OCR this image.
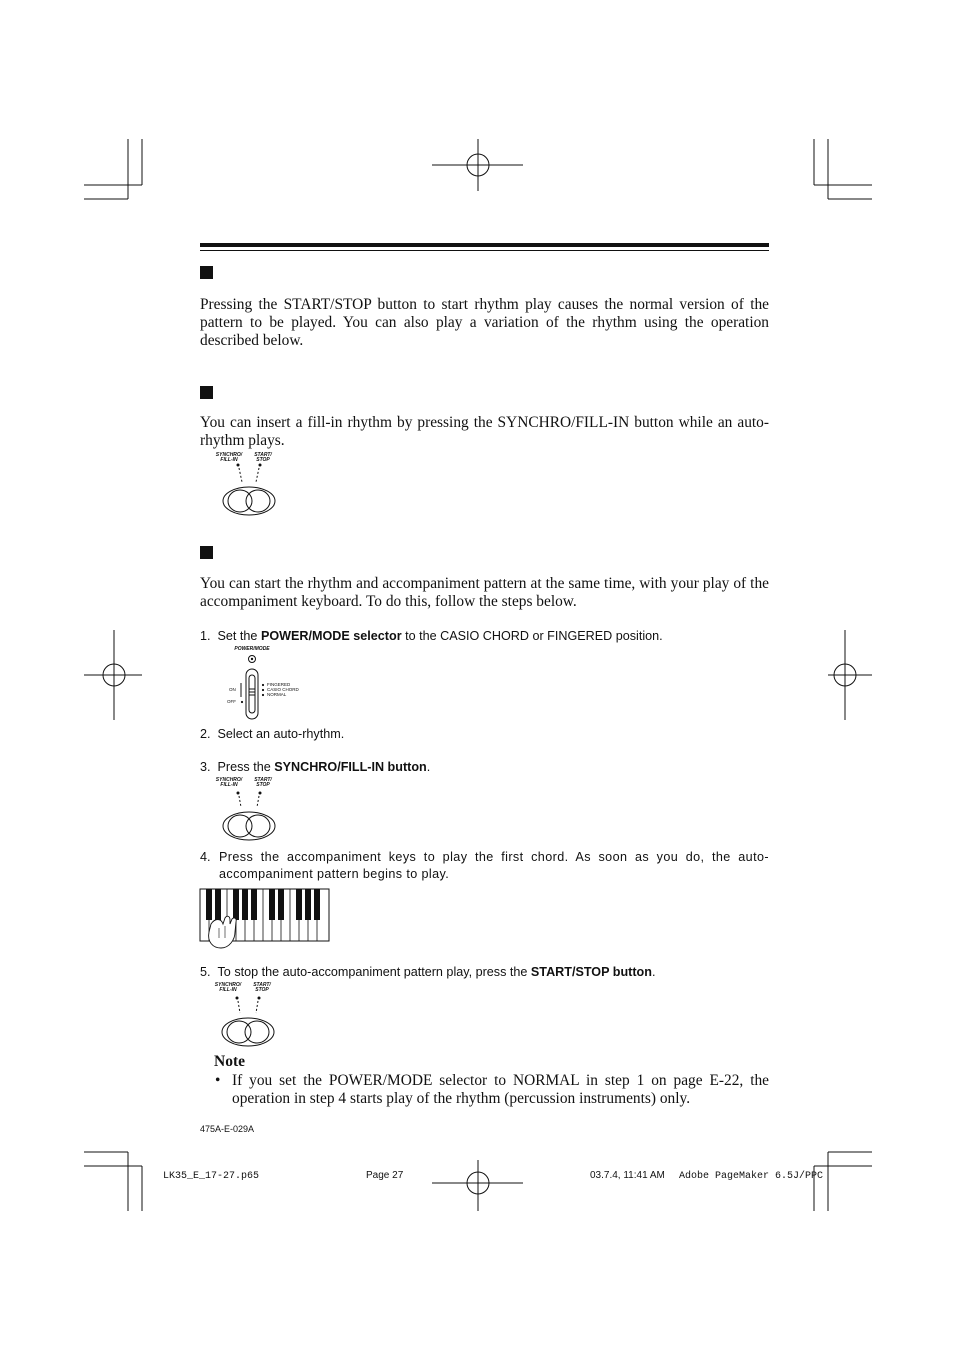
Pressing the START/STOP button to start rhythm play causes the normal version of the pattern to be played. You can also play a variation of the rhythm using the operation described below.
You can insert a fill-in rhythm by pressing the SYNCHRO/FILL-IN button while an auto-rhythm plays.
SYNCHRO/
FILL-IN
START/
STOP
You can start the rhythm and accompaniment pattern at the same time, with your play of the accompaniment keyboard. To do this, follow the steps below.
1. Set the POWER/MODE selector to the CASIO CHORD or FINGERED position.
POWER/MODE
ON
OFF
FINGERED
CASIO CHORD
NORMAL
2. Select an auto-rhythm.
3. Press the SYNCHRO/FILL-IN button.
SYNCHRO/
FILL-IN
START/
STOP
4. Press the accompaniment keys to play the first chord. As soon as you do, the auto-accompaniment pattern begins to play.
5. To stop the auto-accompaniment pattern play, press the START/STOP button.
SYNCHRO/
FILL-IN
START/
STOP
Note
• If you set the POWER/MODE selector to NORMAL in step 1 on page E-22, the operation in step 4 starts play of the rhythm (percussion instruments) only.
475A-E-029A
LK35_E_17-27.p65	Page 27	03.7.4, 11:41 AM Adobe PageMaker 6.5J/PPC
